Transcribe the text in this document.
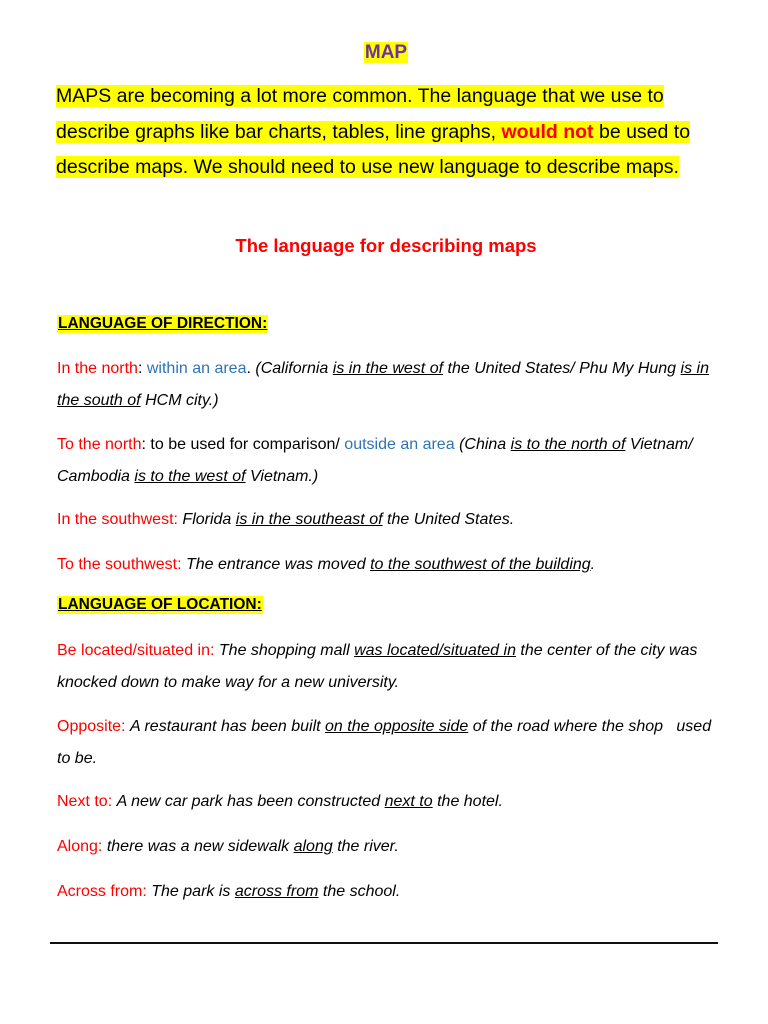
MAP
MAPS are becoming a lot more common. The language that we use to describe graphs like bar charts, tables, line graphs, would not be used to describe maps. We should need to use new language to describe maps.
The language for describing maps
LANGUAGE OF DIRECTION:
In the north: within an area. (California is in the west of the United States/ Phu My Hung is in the south of HCM city.)
To the north: to be used for comparison/ outside an area (China is to the north of Vietnam/ Cambodia is to the west of Vietnam.)
In the southwest: Florida is in the southeast of the United States.
To the southwest: The entrance was moved to the southwest of the building.
LANGUAGE OF LOCATION:
Be located/situated in: The shopping mall was located/situated in the center of the city was knocked down to make way for a new university.
Opposite: A restaurant has been built on the opposite side of the road where the shop   used to be.
Next to: A new car park has been constructed next to the hotel.
Along: there was a new sidewalk along the river.
Across from: The park is across from the school.
